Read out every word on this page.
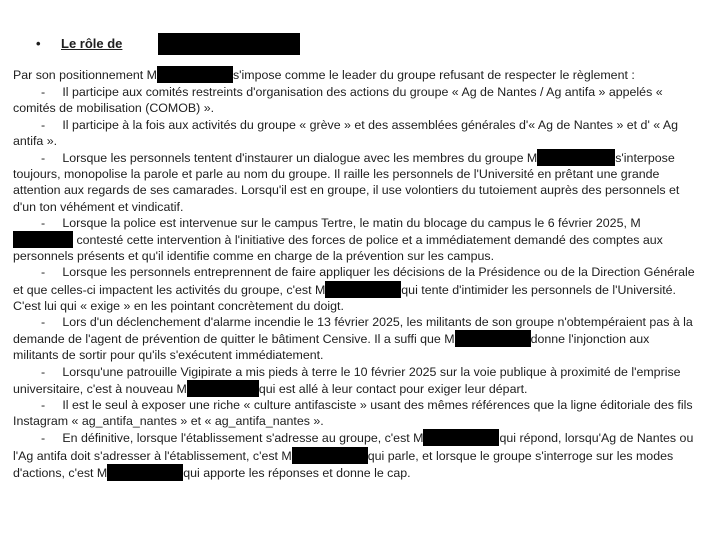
• Le rôle de
Par son positionnement M	s'impose comme le leader du groupe refusant de respecter le règlement :
- Il participe aux comités restreints d'organisation des actions du groupe « Ag de Nantes / Ag antifa » appelés « comités de mobilisation (COMOB) ».
- Il participe à la fois aux activités du groupe « grève » et des assemblées générales d'« Ag de Nantes » et d' « Ag antifa ».
- Lorsque les personnels tentent d'instaurer un dialogue avec les membres du groupe M	s'interpose toujours, monopolise la parole et parle au nom du groupe. Il raille les personnels de l'Université en prêtant une grande attention aux regards de ses camarades. Lorsqu'il est en groupe, il use volontiers du tutoiement auprès des personnels et d'un ton véhément et vindicatif.
- Lorsque la police est intervenue sur le campus Tertre, le matin du blocage du campus le 6 février 2025, M contesté cette intervention à l'initiative des forces de police et a immédiatement demandé des comptes aux personnels présents et qu'il identifie comme en charge de la prévention sur les campus.
- Lorsque les personnels entreprennent de faire appliquer les décisions de la Présidence ou de la Direction Générale et que celles-ci impactent les activités du groupe, c'est M	qui tente d'intimider les personnels de l'Université. C'est lui qui « exige » en les pointant concrètement du doigt.
- Lors d'un déclenchement d'alarme incendie le 13 février 2025, les militants de son groupe n'obtempéraient pas à la demande de l'agent de prévention de quitter le bâtiment Censive. Il a suffi que M	donne l'injonction aux militants de sortir pour qu'ils s'exécutent immédiatement.
- Lorsqu'une patrouille Vigipirate a mis pieds à terre le 10 février 2025 sur la voie publique à proximité de l'emprise universitaire, c'est à nouveau M	qui est allé à leur contact pour exiger leur départ.
- Il est le seul à exposer une riche « culture antifasciste » usant des mêmes références que la ligne éditoriale des fils Instagram « ag_antifa_nantes » et « ag_antifa_nantes ».
- En définitive, lorsque l'établissement s'adresse au groupe, c'est M	qui répond, lorsqu'Ag de Nantes ou l'Ag antifa doit s'adresser à l'établissement, c'est M	qui parle, et lorsque le groupe s'interroge sur les modes d'actions, c'est M	qui apporte les réponses et donne le cap.
